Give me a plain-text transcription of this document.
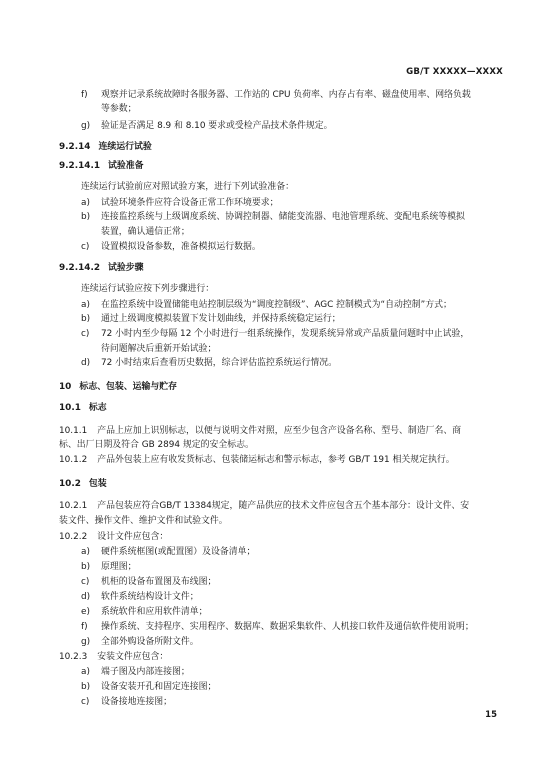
GB/T XXXXX—XXXX
f) 观察并记录系统故障时各服务器、工作站的 CPU 负荷率、内存占有率、磁盘使用率、网络负载
等参数；
g) 验证是否满足 8.9 和 8.10 要求或受检产品技术条件规定。
9.2.14 连续运行试验
9.2.14.1 试验准备
连续运行试验前应对照试验方案，进行下列试验准备：
a) 试验环境条件应符合设备正常工作环境要求；
b) 连接监控系统与上级调度系统、协调控制器、储能变流器、电池管理系统、变配电系统等模拟
装置，确认通信正常；
c) 设置模拟设备参数，准备模拟运行数据。
9.2.14.2 试验步骤
连续运行试验应按下列步骤进行：
a) 在监控系统中设置储能电站控制层级为“调度控制级”、AGC 控制模式为“自动控制”方式；
b) 通过上级调度模拟装置下发计划曲线，并保持系统稳定运行；
c) 72 小时内至少每隔 12 个小时进行一组系统操作，发现系统异常或产品质量问题时中止试验，
待问题解决后重新开始试验；
d) 72 小时结束后查看历史数据，综合评估监控系统运行情况。
10 标志、包装、运输与贮存
10.1 标志
10.1.1 产品上应加上识别标志，以便与说明文件对照，应至少包含产设备名称、型号、制造厂名、商
标、出厂日期及符合 GB 2894 规定的安全标志。
10.1.2 产品外包装上应有收发货标志、包装储运标志和警示标志，参考 GB/T 191 相关规定执行。
10.2 包装
10.2.1 产品包装应符合GB/T 13384规定，随产品供应的技术文件应包含五个基本部分：设计文件、安
装文件、操作文件、维护文件和试验文件。
10.2.2 设计文件应包含：
a) 硬件系统框图(或配置图）及设备清单；
b) 原理图；
c) 机柜的设备布置图及布线图；
d) 软件系统结构设计文件；
e) 系统软件和应用软件清单；
f) 操作系统、支持程序、实用程序、数据库、数据采集软件、人机接口软件及通信软件使用说明；
g) 全部外购设备所附文件。
10.2.3 安装文件应包含：
a) 端子图及内部连接图；
b) 设备安装开孔和固定连接图；
c) 设备接地连接图；
15
